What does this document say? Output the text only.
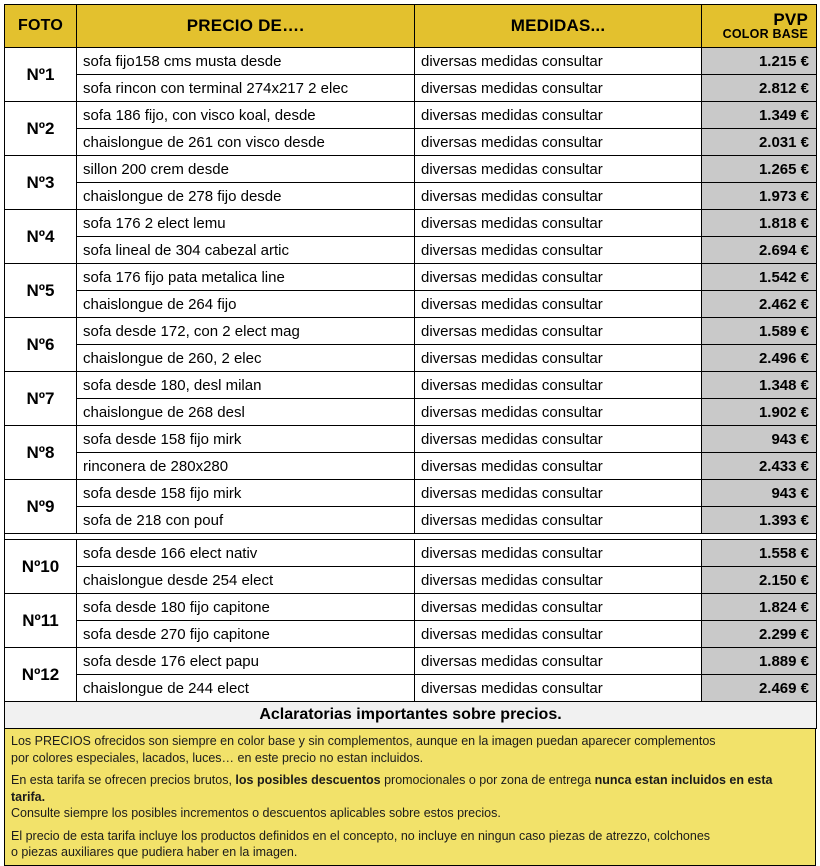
FOTO	PRECIO DE….	MEDIDAS...	PVP
COLOR BASE

Nº1	sofa fijo158 cms musta desde	diversas medidas consultar	1.215 €
	sofa rincon con terminal 274x217 2 elec	diversas medidas consultar	2.812 €
Nº2	sofa 186 fijo, con visco koal, desde	diversas medidas consultar	1.349 €
	chaislongue de 261 con visco desde	diversas medidas consultar	2.031 €
Nº3	sillon 200 crem desde	diversas medidas consultar	1.265 €
	chaislongue de 278 fijo desde	diversas medidas consultar	1.973 €
Nº4	sofa 176 2 elect lemu	diversas medidas consultar	1.818 €
	sofa lineal de 304 cabezal artic	diversas medidas consultar	2.694 €
Nº5	sofa 176 fijo pata metalica line	diversas medidas consultar	1.542 €
	chaislongue de 264 fijo	diversas medidas consultar	2.462 €
Nº6	sofa desde 172, con 2 elect mag	diversas medidas consultar	1.589 €
	chaislongue de 260, 2 elec	diversas medidas consultar	2.496 €
Nº7	sofa desde 180, desl milan	diversas medidas consultar	1.348 €
	chaislongue de 268 desl	diversas medidas consultar	1.902 €
Nº8	sofa desde 158 fijo mirk	diversas medidas consultar	943 €
	rinconera de 280x280	diversas medidas consultar	2.433 €
Nº9	sofa desde 158 fijo mirk	diversas medidas consultar	943 €
	sofa de 218 con pouf	diversas medidas consultar	1.393 €

Nº10	sofa desde 166 elect nativ	diversas medidas consultar	1.558 €
	chaislongue desde 254 elect	diversas medidas consultar	2.150 €
Nº11	sofa desde 180 fijo capitone	diversas medidas consultar	1.824 €
	sofa desde 270 fijo capitone	diversas medidas consultar	2.299 €
Nº12	sofa desde 176 elect papu	diversas medidas consultar	1.889 €
	chaislongue de 244 elect	diversas medidas consultar	2.469 €
Aclaratorias importantes sobre precios.			

Los PRECIOS ofrecidos son siempre en color base y sin complementos, aunque en la imagen puedan aparecer complementos

por colores especiales, lacados, luces… en este precio no estan incluidos.

En esta tarifa se ofrecen precios brutos, los posibles descuentos promocionales o por zona de entrega nunca estan incluidos en esta tarifa.

Consulte siempre los posibles incrementos o descuentos aplicables sobre estos precios.

El precio de esta tarifa incluye los productos definidos en el concepto, no incluye en ningun caso piezas de atrezzo, colchones

o piezas auxiliares que pudiera haber en la imagen.
